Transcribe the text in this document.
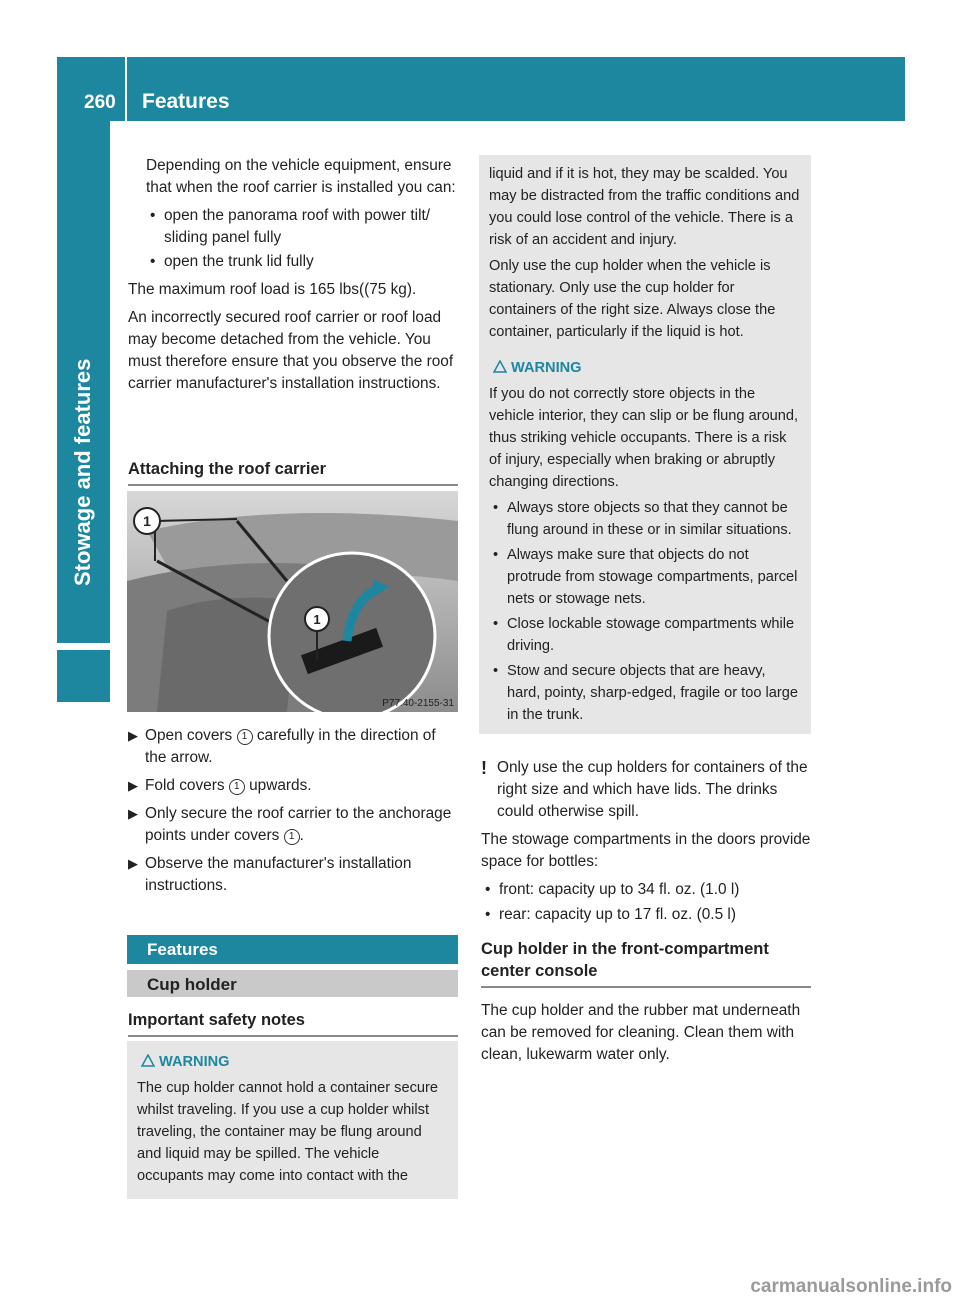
260 Features
Stowage and features

Depending on the vehicle equipment, ensure that when the roof carrier is installed you can:

• open the panorama roof with power tilt/ sliding panel fully
• open the trunk lid fully

The maximum roof load is 165 lbs((75 kg).

An incorrectly secured roof carrier or roof load may become detached from the vehicle. You must therefore ensure that you observe the roof carrier manufacturer's installation instructions.

Attaching the roof carrier
1
1
P77.40-2155-31
▶ Open covers 1 carefully in the direction of the arrow.
▶ Fold covers 1 upwards.
▶ Only secure the roof carrier to the anchorage points under covers 1 .
▶ Observe the manufacturer's installation instructions.
Features
Cup holder
Important safety notes
WARNING

The cup holder cannot hold a container secure whilst traveling. If you use a cup holder whilst traveling, the container may be flung around and liquid may be spilled. The vehicle occupants may come into contact with the

liquid and if it is hot, they may be scalded. You may be distracted from the traffic conditions and you could lose control of the vehicle. There is a risk of an accident and injury.

Only use the cup holder when the vehicle is stationary. Only use the cup holder for containers of the right size. Always close the container, particularly if the liquid is hot.

WARNING

If you do not correctly store objects in the vehicle interior, they can slip or be flung around, thus striking vehicle occupants. There is a risk of injury, especially when braking or abruptly changing directions.

• Always store objects so that they cannot be flung around in these or in similar situations.
• Always make sure that objects do not protrude from stowage compartments, parcel nets or stowage nets.
• Close lockable stowage compartments while driving.
• Stow and secure objects that are heavy, hard, pointy, sharp-edged, fragile or too large in the trunk.
! Only use the cup holders for containers of the right size and which have lids. The drinks could otherwise spill.

The stowage compartments in the doors provide space for bottles:

• front: capacity up to 34 fl. oz. (1.0 l)
• rear: capacity up to 17 fl. oz. (0.5 l)
Cup holder in the front-compartment center console

The cup holder and the rubber mat underneath can be removed for cleaning. Clean them with clean, lukewarm water only.

carmanualsonline.info
